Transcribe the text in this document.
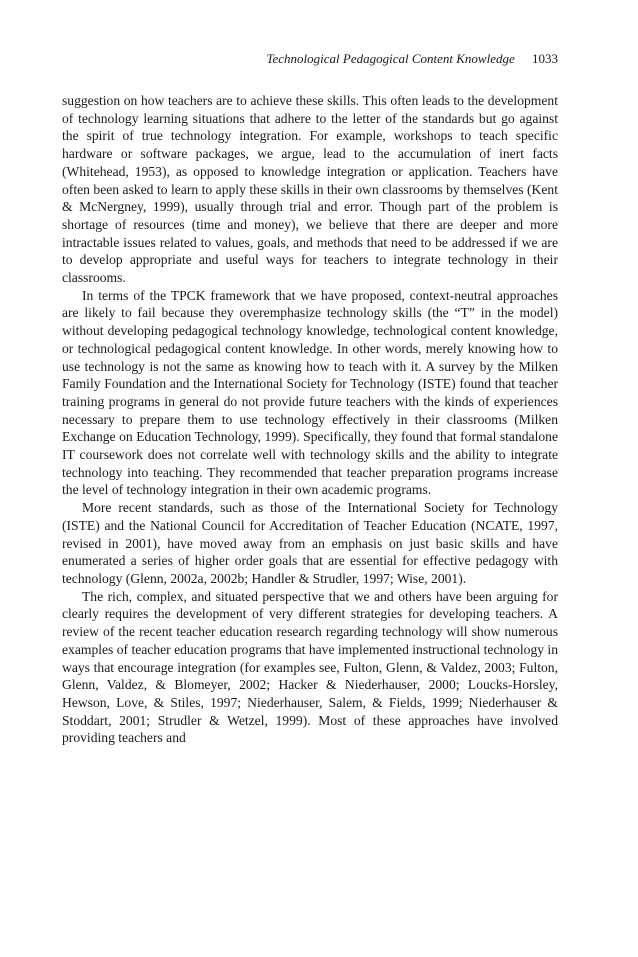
Technological Pedagogical Content Knowledge 1033

suggestion on how teachers are to achieve these skills. This often leads to the development of technology learning situations that adhere to the letter of the standards but go against the spirit of true technology integration. For example, workshops to teach specific hardware or software packages, we argue, lead to the accumulation of inert facts (Whitehead, 1953), as opposed to knowledge integration or application. Teachers have often been asked to learn to apply these skills in their own classrooms by themselves (Kent & McNergney, 1999), usually through trial and error. Though part of the problem is shortage of resources (time and money), we believe that there are deeper and more intractable issues related to values, goals, and methods that need to be addressed if we are to develop appropriate and useful ways for teachers to integrate technology in their classrooms.

In terms of the TPCK framework that we have proposed, context-neutral approaches are likely to fail because they overemphasize technology skills (the “T” in the model) without developing pedagogical technology knowledge, technological content knowledge, or technological pedagogical content knowledge. In other words, merely knowing how to use technology is not the same as knowing how to teach with it. A survey by the Milken Family Foundation and the International Society for Technology (ISTE) found that teacher training programs in general do not provide future teachers with the kinds of experiences necessary to prepare them to use technology effectively in their classrooms (Milken Exchange on Education Technology, 1999). Specifically, they found that formal standalone IT coursework does not correlate well with technology skills and the ability to integrate technology into teaching. They recommended that teacher preparation programs increase the level of technology integration in their own academic programs.

More recent standards, such as those of the International Society for Technology (ISTE) and the National Council for Accreditation of Teacher Education (NCATE, 1997, revised in 2001), have moved away from an emphasis on just basic skills and have enumerated a series of higher order goals that are essential for effective pedagogy with technology (Glenn, 2002a, 2002b; Handler & Strudler, 1997; Wise, 2001).

The rich, complex, and situated perspective that we and others have been arguing for clearly requires the development of very different strategies for developing teachers. A review of the recent teacher education research regarding technology will show numerous examples of teacher education programs that have implemented instructional technology in ways that encourage integration (for examples see, Fulton, Glenn, & Valdez, 2003; Fulton, Glenn, Valdez, & Blomeyer, 2002; Hacker & Niederhauser, 2000; Loucks-Horsley, Hewson, Love, & Stiles, 1997; Niederhauser, Salem, & Fields, 1999; Niederhauser & Stoddart, 2001; Strudler & Wetzel, 1999). Most of these approaches have involved providing teachers and
